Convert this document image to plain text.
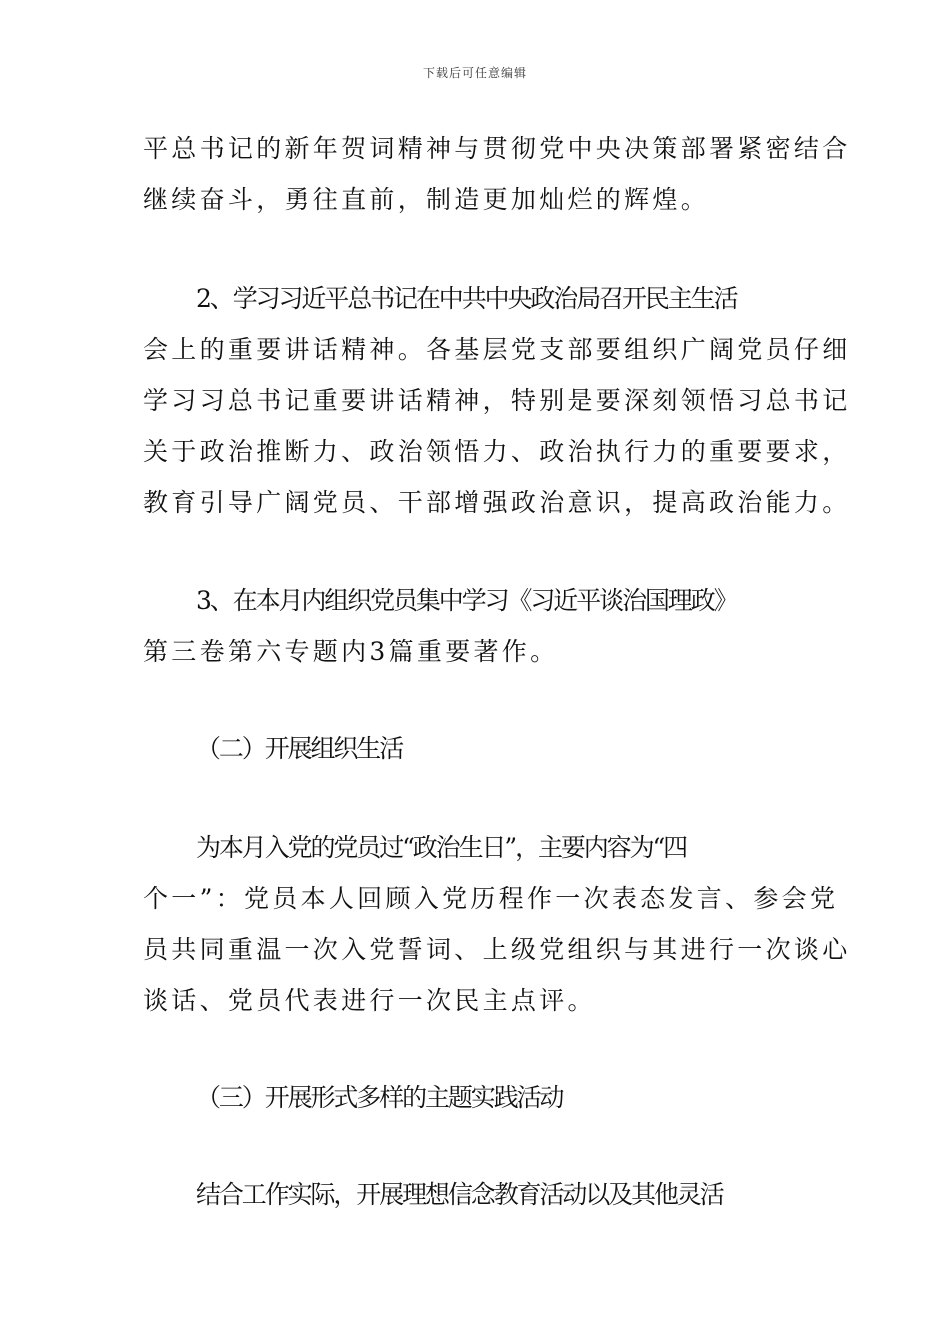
下载后可任意编辑
平总书记的新年贺词精神与贯彻党中央决策部署紧密结合
继续奋斗，勇往直前，制造更加灿烂的辉煌。
2、学习习近平总书记在中共中央政治局召开民主生活
会上的重要讲话精神。各基层党支部要组织广阔党员仔细
学习习总书记重要讲话精神，特别是要深刻领悟习总书记
关于政治推断力、政治领悟力、政治执行力的重要要求，
教育引导广阔党员、干部增强政治意识，提高政治能力。
3、在本月内组织党员集中学习《习近平谈治国理政》
第三卷第六专题内3篇重要著作。
（二）开展组织生活
为本月入党的党员过“政治生日”，主要内容为“四
个一”：党员本人回顾入党历程作一次表态发言、参会党
员共同重温一次入党誓词、上级党组织与其进行一次谈心
谈话、党员代表进行一次民主点评。
（三）开展形式多样的主题实践活动
结合工作实际，开展理想信念教育活动以及其他灵活
